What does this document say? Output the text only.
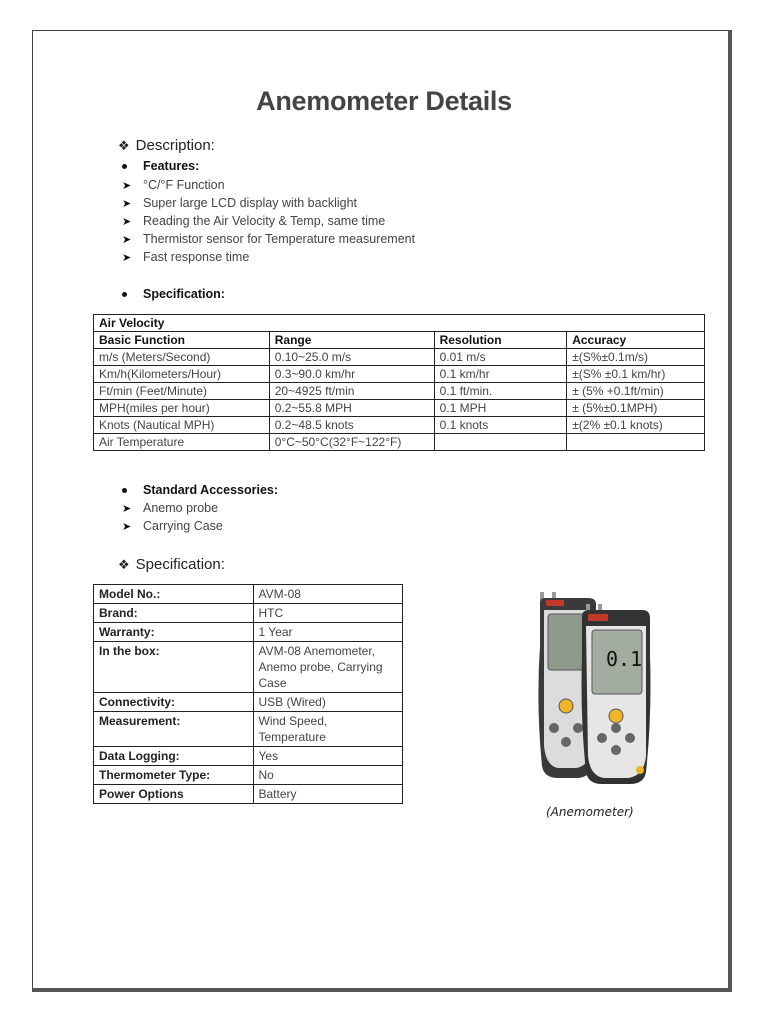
Anemometer Details
❖ Description:
Features:
➤ °C/°F Function
➤ Super large LCD display with backlight
➤ Reading the Air Velocity & Temp, same time
➤ Thermistor sensor for Temperature measurement
➤ Fast response time
Specification:
Air Velocity			
Basic Function	Range	Resolution	Accuracy
m/s (Meters/Second)	0.10~25.0 m/s	0.01 m/s	±(S%±0.1m/s)
Km/h(Kilometers/Hour)	0.3~90.0 km/hr	0.1 km/hr	±(S% ±0.1 km/hr)
Ft/min (Feet/Minute)	20~4925 ft/min	0.1 ft/min.	± (5% +0.1ft/min)
MPH(miles per hour)	0.2~55.8 MPH	0.1 MPH	± (5%±0.1MPH)
Knots (Nautical MPH)	0.2~48.5 knots	0.1 knots	±(2% ±0.1 knots)
Air Temperature	0°C~50°C(32°F~122°F)		
Standard Accessories:
➤ Anemo probe
➤ Carrying Case
❖ Specification:
Model No.:	AVM-08
Brand:	HTC
Warranty:	1 Year
In the box:	AVM-08 Anemometer, Anemo probe, Carrying Case
Connectivity:	USB (Wired)
Measurement:	Wind Speed, Temperature
Data Logging:	Yes
Thermometer Type:	No
Power Options	Battery
0.1
(Anemometer)
